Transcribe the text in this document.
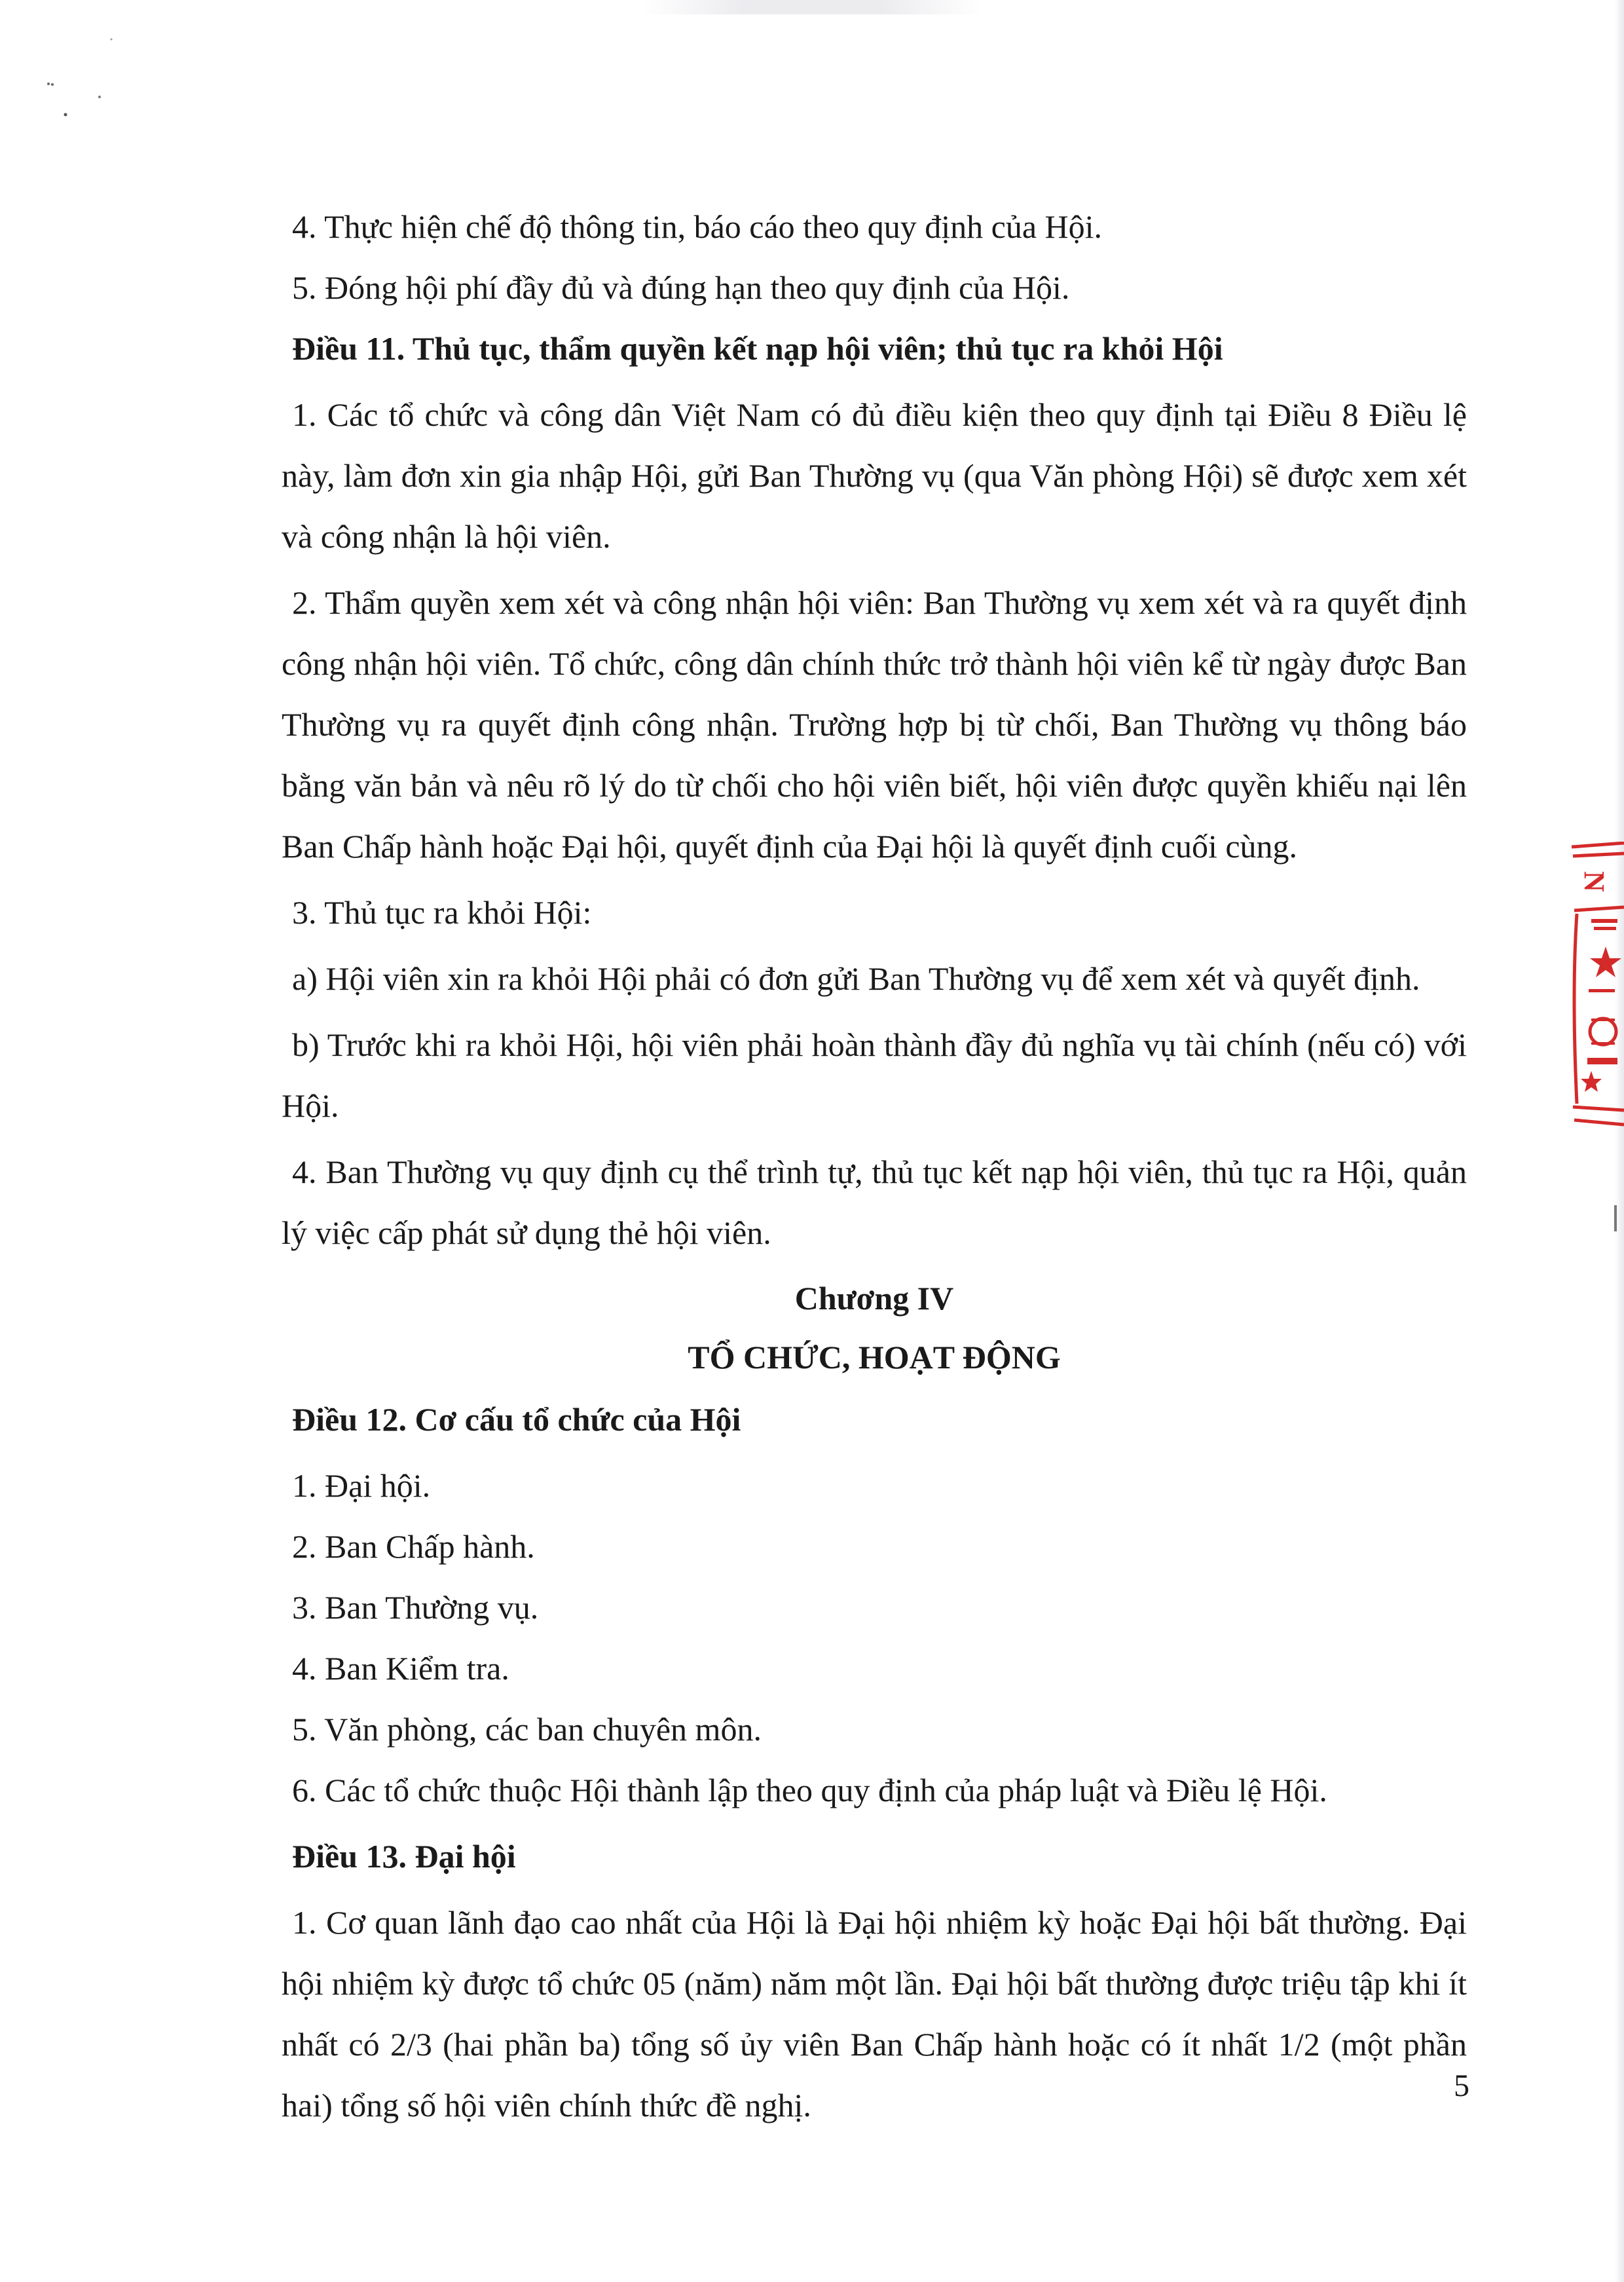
4. Thực hiện chế độ thông tin, báo cáo theo quy định của Hội.

5. Đóng hội phí đầy đủ và đúng hạn theo quy định của Hội.

Điều 11. Thủ tục, thẩm quyền kết nạp hội viên; thủ tục ra khỏi Hội

1. Các tổ chức và công dân Việt Nam có đủ điều kiện theo quy định tại Điều 8 Điều lệ này, làm đơn xin gia nhập Hội, gửi Ban Thường vụ (qua Văn phòng Hội) sẽ được xem xét và công nhận là hội viên.

2. Thẩm quyền xem xét và công nhận hội viên: Ban Thường vụ xem xét và ra quyết định công nhận hội viên. Tổ chức, công dân chính thức trở thành hội viên kể từ ngày được Ban Thường vụ ra quyết định công nhận. Trường hợp bị từ chối, Ban Thường vụ thông báo bằng văn bản và nêu rõ lý do từ chối cho hội viên biết, hội viên được quyền khiếu nại lên Ban Chấp hành hoặc Đại hội, quyết định của Đại hội là quyết định cuối cùng.

3. Thủ tục ra khỏi Hội:

a) Hội viên xin ra khỏi Hội phải có đơn gửi Ban Thường vụ để xem xét và quyết định.

b) Trước khi ra khỏi Hội, hội viên phải hoàn thành đầy đủ nghĩa vụ tài chính (nếu có) với Hội.

4. Ban Thường vụ quy định cụ thể trình tự, thủ tục kết nạp hội viên, thủ tục ra Hội, quản lý việc cấp phát sử dụng thẻ hội viên.

Chương IV

TỔ CHỨC, HOẠT ĐỘNG

Điều 12. Cơ cấu tổ chức của Hội

1. Đại hội.

2. Ban Chấp hành.

3. Ban Thường vụ.

4. Ban Kiểm tra.

5. Văn phòng, các ban chuyên môn.

6. Các tổ chức thuộc Hội thành lập theo quy định của pháp luật và Điều lệ Hội.

Điều 13. Đại hội

1. Cơ quan lãnh đạo cao nhất của Hội là Đại hội nhiệm kỳ hoặc Đại hội bất thường. Đại hội nhiệm kỳ được tổ chức 05 (năm) năm một lần. Đại hội bất thường được triệu tập khi ít nhất có 2/3 (hai phần ba) tổng số ủy viên Ban Chấp hành hoặc có ít nhất 1/2 (một phần hai) tổng số hội viên chính thức đề nghị.

N
5
